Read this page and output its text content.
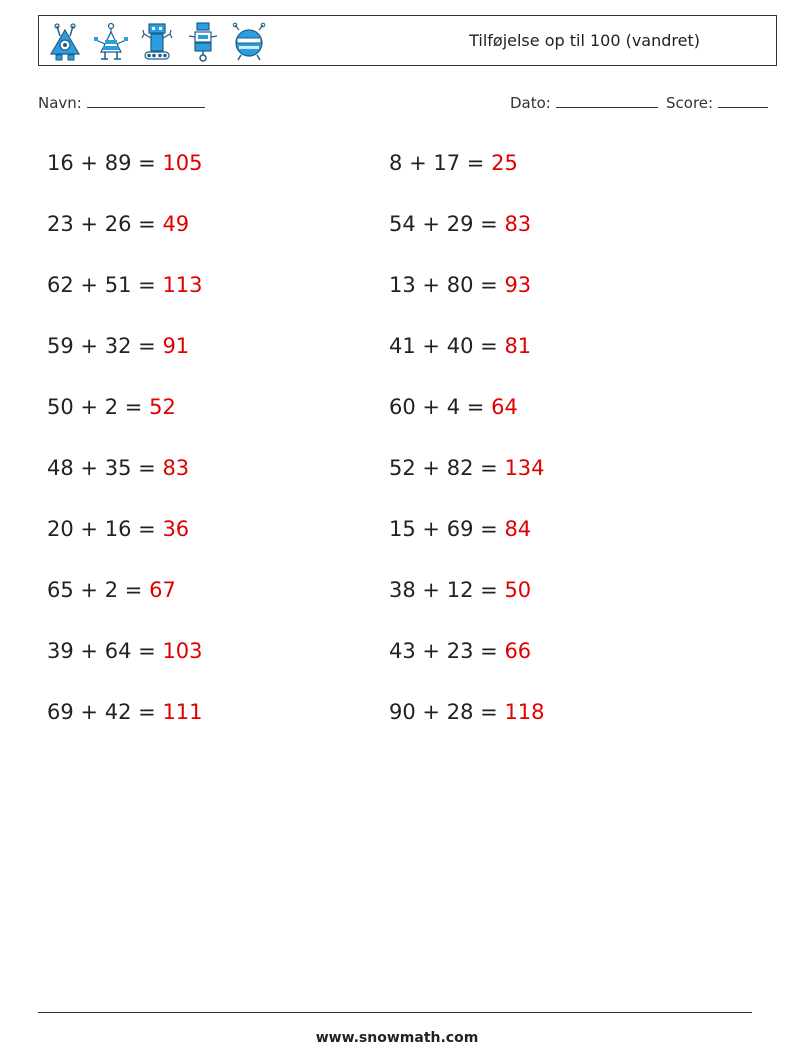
Tilføjelse op til 100 (vandret)
Navn:	Dato:	Score:
16 + 89 = 105	8 + 17 = 25
23 + 26 = 49	54 + 29 = 83
62 + 51 = 113	13 + 80 = 93
59 + 32 = 91	41 + 40 = 81
50 + 2 = 52	60 + 4 = 64
48 + 35 = 83	52 + 82 = 134
20 + 16 = 36	15 + 69 = 84
65 + 2 = 67	38 + 12 = 50
39 + 64 = 103	43 + 23 = 66
69 + 42 = 111	90 + 28 = 118
www.snowmath.com
